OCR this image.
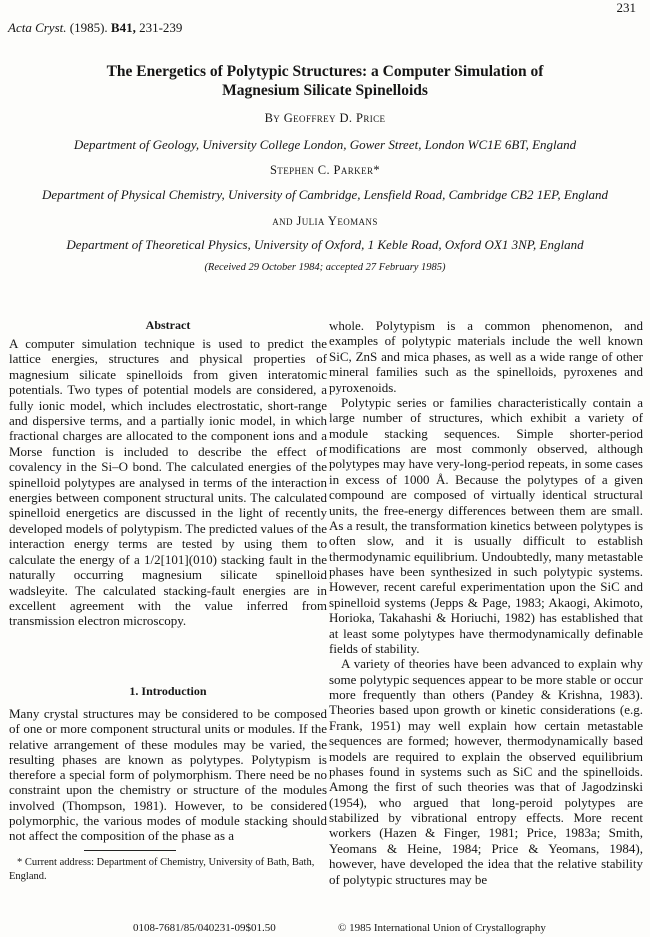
231
Acta Cryst. (1985). B41, 231-239
The Energetics of Polytypic Structures: a Computer Simulation of
Magnesium Silicate Spinelloids
By Geoffrey D. Price
Department of Geology, University College London, Gower Street, London WC1E 6BT, England
Stephen C. Parker*
Department of Physical Chemistry, University of Cambridge, Lensfield Road, Cambridge CB2 1EP, England
and Julia Yeomans
Department of Theoretical Physics, University of Oxford, 1 Keble Road, Oxford OX1 3NP, England
(Received 29 October 1984; accepted 27 February 1985)
Abstract
A computer simulation technique is used to predict the lattice energies, structures and physical properties of magnesium silicate spinelloids from given interatomic potentials. Two types of potential models are considered, a fully ionic model, which includes electrostatic, short-range and dispersive terms, and a partially ionic model, in which fractional charges are allocated to the component ions and a Morse function is included to describe the effect of covalency in the Si–O bond. The calculated energies of the spinelloid polytypes are analysed in terms of the interaction energies between component structural units. The calculated spinelloid energetics are discussed in the light of recently developed models of polytypism. The predicted values of the interaction energy terms are tested by using them to calculate the energy of a 1/2[101](010) stacking fault in the naturally occurring magnesium silicate spinelloid wadsleyite. The calculated stacking-fault energies are in excellent agreement with the value inferred from transmission electron microscopy.
1. Introduction
Many crystal structures may be considered to be composed of one or more component structural units or modules. If the relative arrangement of these modules may be varied, the resulting phases are known as polytypes. Polytypism is therefore a special form of polymorphism. There need be no constraint upon the chemistry or structure of the modules involved (Thompson, 1981). However, to be considered polymorphic, the various modes of module stacking should not affect the composition of the phase as a
whole. Polytypism is a common phenomenon, and examples of polytypic materials include the well known SiC, ZnS and mica phases, as well as a wide range of other mineral families such as the spinelloids, pyroxenes and pyroxenoids.
Polytypic series or families characteristically contain a large number of structures, which exhibit a variety of module stacking sequences. Simple shorter-period modifications are most commonly observed, although polytypes may have very-long-period repeats, in some cases in excess of 1000 Å. Because the polytypes of a given compound are composed of virtually identical structural units, the free-energy differences between them are small. As a result, the transformation kinetics between polytypes is often slow, and it is usually difficult to establish thermodynamic equilibrium. Undoubtedly, many metastable phases have been synthesized in such polytypic systems. However, recent careful experimentation upon the SiC and spinelloid systems (Jepps & Page, 1983; Akaogi, Akimoto, Horioka, Takahashi & Horiuchi, 1982) has established that at least some polytypes have thermodynamically definable fields of stability.
A variety of theories have been advanced to explain why some polytypic sequences appear to be more stable or occur more frequently than others (Pandey & Krishna, 1983). Theories based upon growth or kinetic considerations (e.g. Frank, 1951) may well explain how certain metastable sequences are formed; however, thermodynamically based models are required to explain the observed equilibrium phases found in systems such as SiC and the spinelloids. Among the first of such theories was that of Jagodzinski (1954), who argued that long-peroid polytypes are stabilized by vibrational entropy effects. More recent workers (Hazen & Finger, 1981; Price, 1983a; Smith, Yeomans & Heine, 1984; Price & Yeomans, 1984), however, have developed the idea that the relative stability of polytypic structures may be
* Current address: Department of Chemistry, University of Bath, Bath, England.
0108-7681/85/040231-09$01.50	© 1985 International Union of Crystallography
